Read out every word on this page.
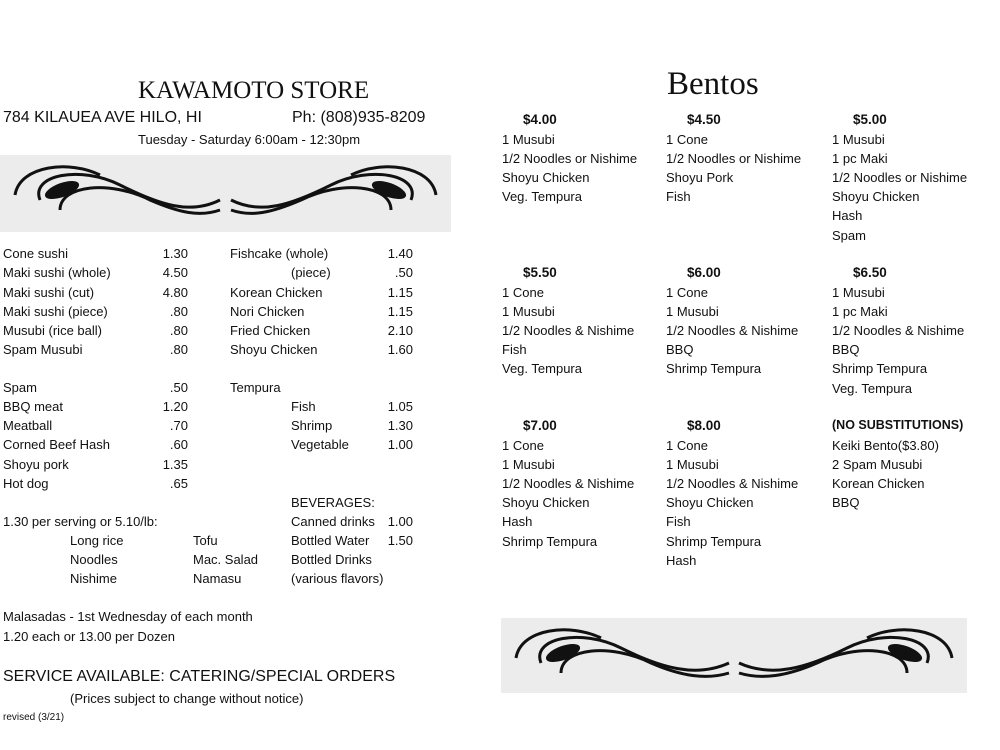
KAWAMOTO STORE
784 KILAUEA AVE HILO, HI	Ph: (808)935-8209
Tuesday - Saturday 6:00am - 12:30pm
Bentos
Cone sushi	1.30
Maki sushi (whole)	4.50
Maki sushi (cut)	4.80
Maki sushi (piece)	.80
Musubi (rice ball)	.80
Spam Musubi	.80
Spam	.50
BBQ meat	1.20
Meatball	.70
Corned Beef Hash	.60
Shoyu pork	1.35
Hot dog	.65
Fishcake (whole)	1.40
(piece)	.50
Korean Chicken	1.15
Nori Chicken	1.15
Fried Chicken	2.10
Shoyu Chicken	1.60
Tempura
Fish	1.05
Shrimp	1.30
Vegetable	1.00
BEVERAGES:
Canned drinks 1.00
Bottled Water	1.50
Bottled Drinks
(various flavors)
1.30 per serving or 5.10/lb:
Long rice
Noodles
Nishime
Tofu
Mac. Salad
Namasu
Malasadas - 1st Wednesday of each month
1.20 each or 13.00 per Dozen
SERVICE AVAILABLE: CATERING/SPECIAL ORDERS
(Prices subject to change without notice)
revised (3/21)
$4.00
1 Musubi
1/2 Noodles or Nishime
Shoyu Chicken
Veg. Tempura
$4.50
1 Cone
1/2 Noodles or Nishime
Shoyu Pork
Fish
$5.00
1 Musubi
1 pc Maki
1/2 Noodles or Nishime
Shoyu Chicken
Hash
Spam
$5.50
1 Cone
1 Musubi
1/2 Noodles & Nishime
Fish
Veg. Tempura
$6.00
1 Cone
1 Musubi
1/2 Noodles & Nishime
BBQ
Shrimp Tempura
$6.50
1 Musubi
1 pc Maki
1/2 Noodles & Nishime
BBQ
Shrimp Tempura
Veg. Tempura
$7.00
1 Cone
1 Musubi
1/2 Noodles & Nishime
Shoyu Chicken
Hash
Shrimp Tempura
$8.00
1 Cone
1 Musubi
1/2 Noodles & Nishime
Shoyu Chicken
Fish
Shrimp Tempura
Hash
(NO SUBSTITUTIONS)
Keiki Bento($3.80)
2 Spam Musubi
Korean Chicken
BBQ
